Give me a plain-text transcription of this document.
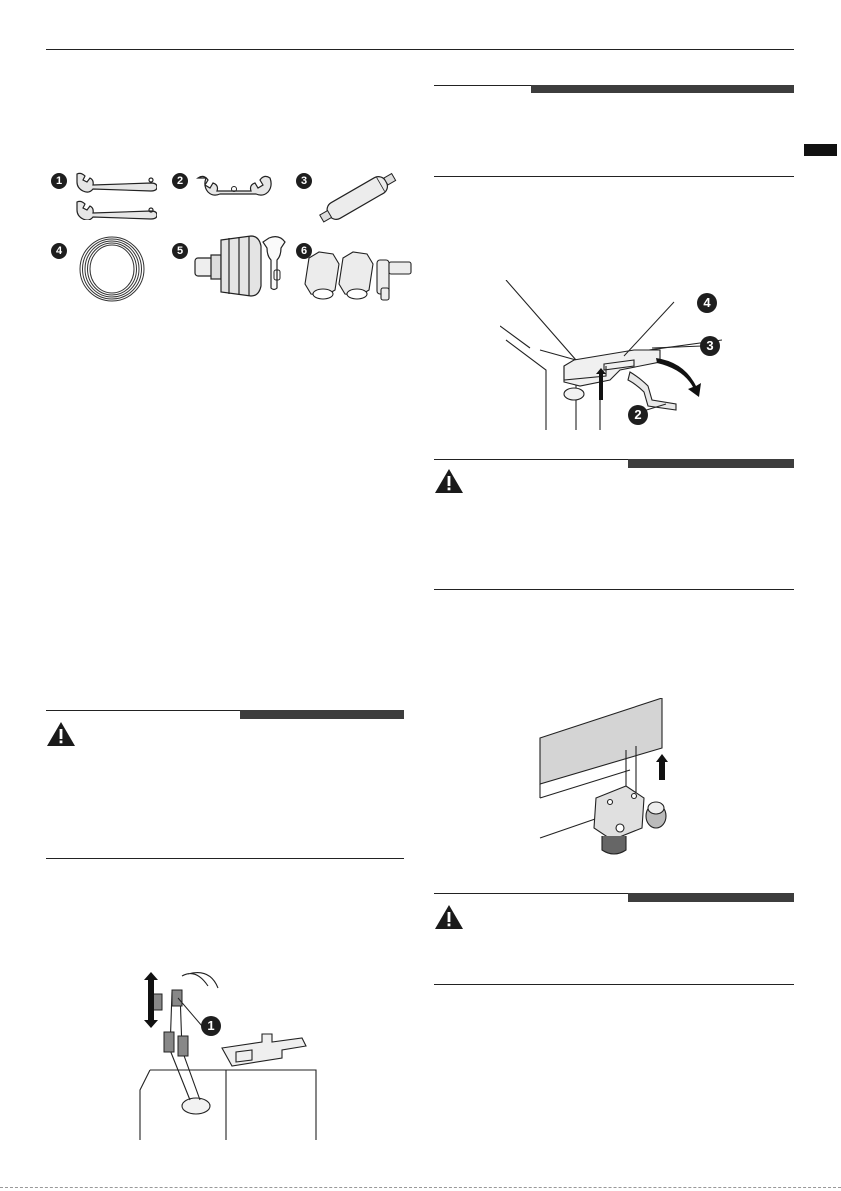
1	2	3
4	5	6
1
4
3
2
